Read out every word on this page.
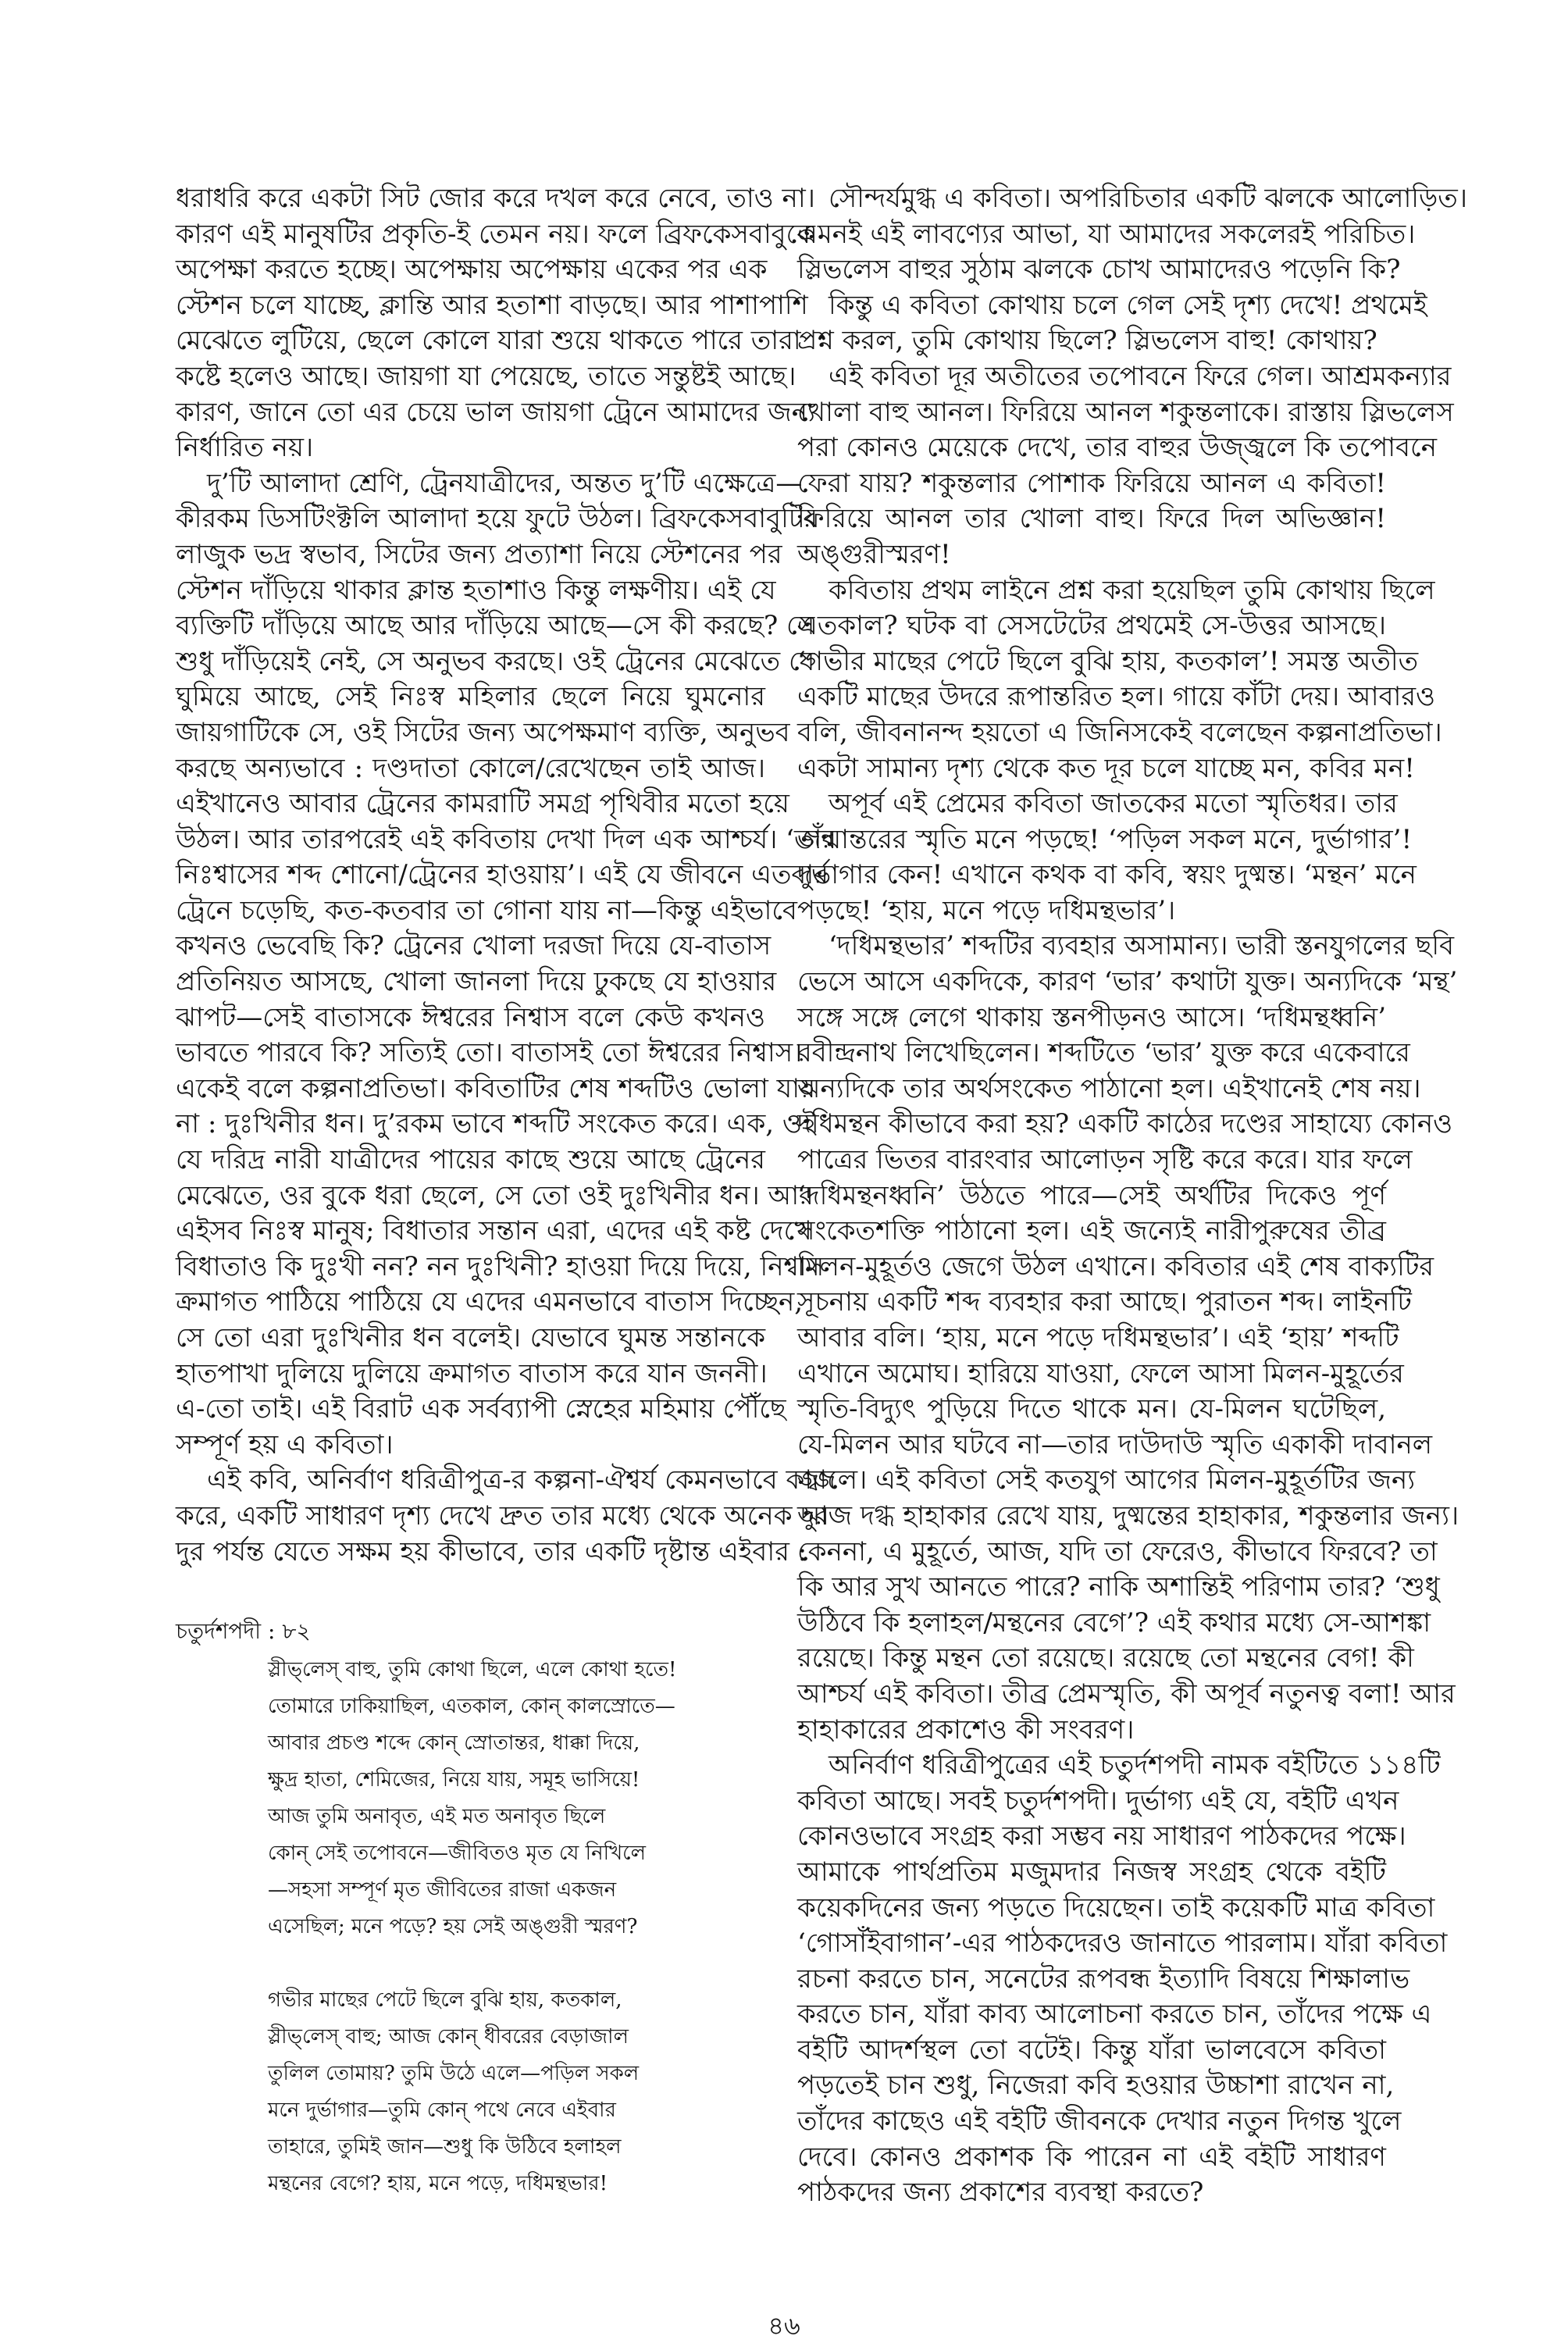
ধরাধরি করে একটা সিট জোর করে দখল করে নেবে, তাও না।
কারণ এই মানুষটির প্রকৃতি-ই তেমন নয়। ফলে ব্রিফকেসবাবুকে
অপেক্ষা করতে হচ্ছে। অপেক্ষায় অপেক্ষায় একের পর এক
স্টেশন চলে যাচ্ছে, ক্লান্তি আর হতাশা বাড়ছে। আর পাশাপাশি
মেঝেতে লুটিয়ে, ছেলে কোলে যারা শুয়ে থাকতে পারে তারা
কষ্টে হলেও আছে। জায়গা যা পেয়েছে, তাতে সন্তুষ্টই আছে।
কারণ, জানে তো এর চেয়ে ভাল জায়গা ট্রেনে আমাদের জন্য
নির্ধারিত নয়।
দু’টি আলাদা শ্রেণি, ট্রেনযাত্রীদের, অন্তত দু’টি এক্ষেত্রে—
কীরকম ডিসটিংক্টলি আলাদা হয়ে ফুটে উঠল। ব্রিফকেসবাবুটির
লাজুক ভদ্র স্বভাব, সিটের জন্য প্রত্যাশা নিয়ে স্টেশনের পর
স্টেশন দাঁড়িয়ে থাকার ক্লান্ত হতাশাও কিন্তু লক্ষণীয়। এই যে
ব্যক্তিটি দাঁড়িয়ে আছে আর দাঁড়িয়ে আছে—সে কী করছে? সে
শুধু দাঁড়িয়েই নেই, সে অনুভব করছে। ওই ট্রেনের মেঝেতে যে
ঘুমিয়ে আছে, সেই নিঃস্ব মহিলার ছেলে নিয়ে ঘুমনোর
জায়গাটিকে সে, ওই সিটের জন্য অপেক্ষমাণ ব্যক্তি, অনুভব
করছে অন্যভাবে : দণ্ডদাতা কোলে/রেখেছেন তাই আজ।
এইখানেও আবার ট্রেনের কামরাটি সমগ্র পৃথিবীর মতো হয়ে
উঠল। আর তারপরেই এই কবিতায় দেখা দিল এক আশ্চর্য। ‘তাঁর
নিঃশ্বাসের শব্দ শোনো/ট্রেনের হাওয়ায়’। এই যে জীবনে এতবার
ট্রেনে চড়েছি, কত-কতবার তা গোনা যায় না—কিন্তু এইভাবে
কখনও ভেবেছি কি? ট্রেনের খোলা দরজা দিয়ে যে-বাতাস
প্রতিনিয়ত আসছে, খোলা জানলা দিয়ে ঢুকছে যে হাওয়ার
ঝাপট—সেই বাতাসকে ঈশ্বরের নিশ্বাস বলে কেউ কখনও
ভাবতে পারবে কি? সত্যিই তো। বাতাসই তো ঈশ্বরের নিশ্বাস।
একেই বলে কল্পনাপ্রতিভা। কবিতাটির শেষ শব্দটিও ভোলা যায়
না : দুঃখিনীর ধন। দু’রকম ভাবে শব্দটি সংকেত করে। এক, ওই
যে দরিদ্র নারী যাত্রীদের পায়ের কাছে শুয়ে আছে ট্রেনের
মেঝেতে, ওর বুকে ধরা ছেলে, সে তো ওই দুঃখিনীর ধন। আর
এইসব নিঃস্ব মানুষ; বিধাতার সন্তান এরা, এদের এই কষ্ট দেখে
বিধাতাও কি দুঃখী নন? নন দুঃখিনী? হাওয়া দিয়ে দিয়ে, নিশ্বাস
ক্রমাগত পাঠিয়ে পাঠিয়ে যে এদের এমনভাবে বাতাস দিচ্ছেন,
সে তো এরা দুঃখিনীর ধন বলেই। যেভাবে ঘুমন্ত সন্তানকে
হাতপাখা দুলিয়ে দুলিয়ে ক্রমাগত বাতাস করে যান জননী।
এ-তো তাই। এই বিরাট এক সর্বব্যাপী স্নেহের মহিমায় পৌঁছে
সম্পূর্ণ হয় এ কবিতা।
এই কবি, অনির্বাণ ধরিত্রীপুত্র-র কল্পনা-ঐশ্বর্য কেমনভাবে কাজ
করে, একটি সাধারণ দৃশ্য দেখে দ্রুত তার মধ্যে থেকে অনেক দুর
দুর পর্যন্ত যেতে সক্ষম হয় কীভাবে, তার একটি দৃষ্টান্ত এইবার :
চতুর্দশপদী : ৮২
স্লীভ্‌লেস্‌ বাহু, তুমি কোথা ছিলে, এলে কোথা হতে!
তোমারে ঢাকিয়াছিল, এতকাল, কোন্‌ কালস্রোতে—
আবার প্রচণ্ড শব্দে কোন্‌ স্রোতান্তর, ধাক্কা দিয়ে,
ক্ষুদ্র হাতা, শেমিজের, নিয়ে যায়, সমূহ ভাসিয়ে!
আজ তুমি অনাবৃত, এই মত অনাবৃত ছিলে
কোন্‌ সেই তপোবনে—জীবিতও মৃত যে নিখিলে
—সহসা সম্পূর্ণ মৃত জীবিতের রাজা একজন
এসেছিল; মনে পড়ে? হয় সেই অঙ্গুরী স্মরণ?
গভীর মাছের পেটে ছিলে বুঝি হায়, কতকাল,
স্লীভ্‌লেস্‌ বাহু; আজ কোন্‌ ধীবরের বেড়াজাল
তুলিল তোমায়? তুমি উঠে এলে—পড়িল সকল
মনে দুর্ভাগার—তুমি কোন্‌ পথে নেবে এইবার
তাহারে, তুমিই জান—শুধু কি উঠিবে হলাহল
মন্থনের বেগে? হায়, মনে পড়ে, দধিমন্থভার!
সৌন্দর্যমুগ্ধ এ কবিতা। অপরিচিতার একটি ঝলকে আলোড়িত।
এমনই এই লাবণ্যের আভা, যা আমাদের সকলেরই পরিচিত।
স্লিভলেস বাহুর সুঠাম ঝলকে চোখ আমাদেরও পড়েনি কি?
কিন্তু এ কবিতা কোথায় চলে গেল সেই দৃশ্য দেখে! প্রথমেই
প্রশ্ন করল, তুমি কোথায় ছিলে? স্লিভলেস বাহু! কোথায়?
এই কবিতা দূর অতীতের তপোবনে ফিরে গেল। আশ্রমকন্যার
খোলা বাহু আনল। ফিরিয়ে আনল শকুন্তলাকে। রাস্তায় স্লিভলেস
পরা কোনও মেয়েকে দেখে, তার বাহুর উজ্জ্বলে কি তপোবনে
ফেরা যায়? শকুন্তলার পোশাক ফিরিয়ে আনল এ কবিতা!
ফিরিয়ে আনল তার খোলা বাহু। ফিরে দিল অভিজ্ঞান!
অঙ্গুরীস্মরণ!
কবিতায় প্রথম লাইনে প্রশ্ন করা হয়েছিল তুমি কোথায় ছিলে
এতকাল? ঘটক বা সেসটেটের প্রথমেই সে-উত্তর আসছে।
‘গভীর মাছের পেটে ছিলে বুঝি হায়, কতকাল’! সমস্ত অতীত
একটি মাছের উদরে রূপান্তরিত হল। গায়ে কাঁটা দেয়। আবারও
বলি, জীবনানন্দ হয়তো এ জিনিসকেই বলেছেন কল্পনাপ্রতিভা।
একটা সামান্য দৃশ্য থেকে কত দূর চলে যাচ্ছে মন, কবির মন!
অপূর্ব এই প্রেমের কবিতা জাতকের মতো স্মৃতিধর। তার
জন্মান্তরের স্মৃতি মনে পড়ছে! ‘পড়িল সকল মনে, দুর্ভাগার’!
দুর্ভাগার কেন! এখানে কথক বা কবি, স্বয়ং দুষ্মন্ত। ‘মন্থন’ মনে
পড়ছে! ‘হায়, মনে পড়ে দধিমন্থভার’।
‘দধিমন্থভার’ শব্দটির ব্যবহার অসামান্য। ভারী স্তনযুগলের ছবি
ভেসে আসে একদিকে, কারণ ‘ভার’ কথাটা যুক্ত। অন্যদিকে ‘মন্থ’
সঙ্গে সঙ্গে লেগে থাকায় স্তনপীড়নও আসে। ‘দধিমন্থধ্বনি’
রবীন্দ্রনাথ লিখেছিলেন। শব্দটিতে ‘ভার’ যুক্ত করে একেবারে
অন্যদিকে তার অর্থসংকেত পাঠানো হল। এইখানেই শেষ নয়।
দধিমন্থন কীভাবে করা হয়? একটি কাঠের দণ্ডের সাহায্যে কোনও
পাত্রের ভিতর বারংবার আলোড়ন সৃষ্টি করে করে। যার ফলে
‘দধিমন্থনধ্বনি’ উঠতে পারে—সেই অর্থটির দিকেও পূর্ণ
সংকেতশক্তি পাঠানো হল। এই জন্যেই নারীপুরুষের তীব্র
মিলন-মুহূর্তও জেগে উঠল এখানে। কবিতার এই শেষ বাক্যটির
সূচনায় একটি শব্দ ব্যবহার করা আছে। পুরাতন শব্দ। লাইনটি
আবার বলি। ‘হায়, মনে পড়ে দধিমন্থভার’। এই ‘হায়’ শব্দটি
এখানে অমোঘ। হারিয়ে যাওয়া, ফেলে আসা মিলন-মুহূর্তের
স্মৃতি-বিদ্যুৎ পুড়িয়ে দিতে থাকে মন। যে-মিলন ঘটেছিল,
যে-মিলন আর ঘটবে না—তার দাউদাউ স্মৃতি একাকী দাবানল
জ্বালে। এই কবিতা সেই কতযুগ আগের মিলন-মুহূর্তটির জন্য
আজ দগ্ধ হাহাকার রেখে যায়, দুষ্মন্তের হাহাকার, শকুন্তলার জন্য।
কেননা, এ মুহূর্তে, আজ, যদি তা ফেরেও, কীভাবে ফিরবে? তা
কি আর সুখ আনতে পারে? নাকি অশান্তিই পরিণাম তার? ‘শুধু
উঠিবে কি হলাহল/মন্থনের বেগে’? এই কথার মধ্যে সে-আশঙ্কা
রয়েছে। কিন্তু মন্থন তো রয়েছে। রয়েছে তো মন্থনের বেগ! কী
আশ্চর্য এই কবিতা। তীব্র প্রেমস্মৃতি, কী অপূর্ব নতুনত্ব বলা! আর
হাহাকারের প্রকাশেও কী সংবরণ।
অনির্বাণ ধরিত্রীপুত্রের এই চতুর্দশপদী নামক বইটিতে ১১৪টি
কবিতা আছে। সবই চতুর্দশপদী। দুর্ভাগ্য এই যে, বইটি এখন
কোনওভাবে সংগ্রহ করা সম্ভব নয় সাধারণ পাঠকদের পক্ষে।
আমাকে পার্থপ্রতিম মজুমদার নিজস্ব সংগ্রহ থেকে বইটি
কয়েকদিনের জন্য পড়তে দিয়েছেন। তাই কয়েকটি মাত্র কবিতা
‘গোসাঁইবাগান’-এর পাঠকদেরও জানাতে পারলাম। যাঁরা কবিতা
রচনা করতে চান, সনেটের রূপবন্ধ ইত্যাদি বিষয়ে শিক্ষালাভ
করতে চান, যাঁরা কাব্য আলোচনা করতে চান, তাঁদের পক্ষে এ
বইটি আদর্শস্থল তো বটেই। কিন্তু যাঁরা ভালবেসে কবিতা
পড়তেই চান শুধু, নিজেরা কবি হওয়ার উচ্চাশা রাখেন না,
তাঁদের কাছেও এই বইটি জীবনকে দেখার নতুন দিগন্ত খুলে
দেবে। কোনও প্রকাশক কি পারেন না এই বইটি সাধারণ
পাঠকদের জন্য প্রকাশের ব্যবস্থা করতে?
৪৬
